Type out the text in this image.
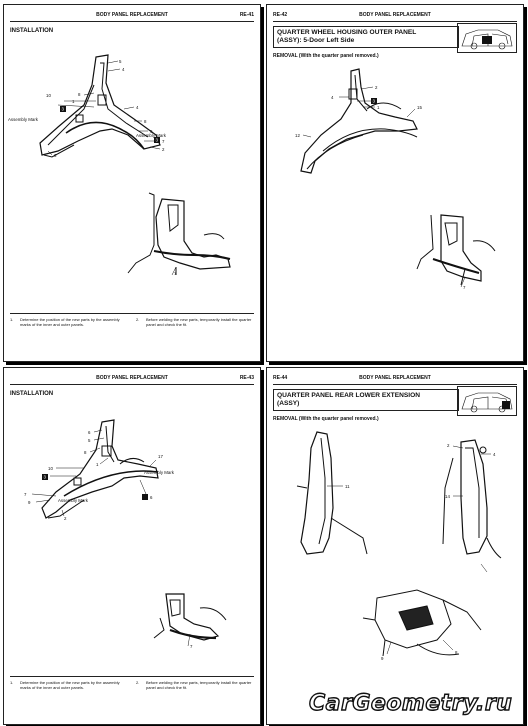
BODY PANEL REPLACEMENT	RE-41
INSTALLATION
5
4
8
1
3
10
4
8
9
3 7
6
2
Assembly Mark
Assembly Mark
7
1. Determine the position of the new parts by the assembly marks of the inner and outer panels.
2. Before welding the new parts, temporarily install the quarter panel and check the fit.
RE-42	BODY PANEL REPLACEMENT
QUARTER WHEEL HOUSING OUTER PANEL
(ASSY): 5-Door Left Side
REMOVAL (With the quarter panel removed.)
2
4
3
1	15
12
7
BODY PANEL REPLACEMENT	RE-43
INSTALLATION
6
5
8
1
17
10
3
7
9
2
6
Assembly Mark
Assembly Mark
7
1. Determine the position of the new parts by the assembly marks of the inner and outer panels.
2. Before welding the new parts, temporarily install the quarter panel and check the fit.
RE-44	BODY PANEL REPLACEMENT
QUARTER PANEL REAR LOWER EXTENSION
(ASSY)
REMOVAL (With the quarter panel removed.)
11
2
4
14
9
8
CarGeometry.ru
